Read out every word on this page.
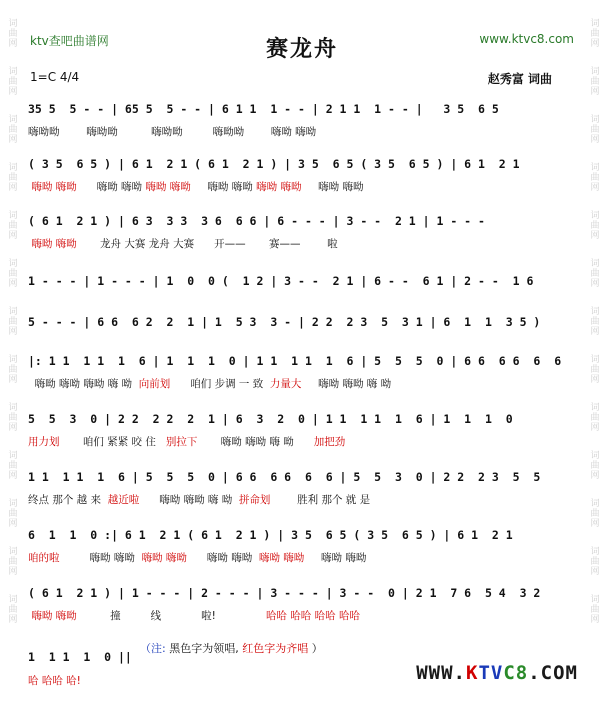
词曲网
词曲网
词曲网
词曲网
词曲网
词曲网
词曲网
词曲网
词曲网
词曲网
词曲网
词曲网
词曲网
词曲网
词曲网
词曲网
词曲网
词曲网
词曲网
词曲网
词曲网
词曲网
词曲网
词曲网
词曲网
词曲网
ktv查吧曲谱网	赛龙舟	www.ktvc8.com
1=C 4/4	赵秀富 词曲
35 5  5 - - | 65 5  5 - - | 6 1 1  1 - - | 2 1 1  1 - - |   3 5  6 5
嗨呦呦 嗨呦呦 嗨呦呦 嗨呦呦 嗨呦 嗨呦
( 3 5  6 5 ) | 6 1  2 1 ( 6 1  2 1 ) | 3 5  6 5 ( 3 5  6 5 ) | 6 1  2 1
嗨呦 嗨呦 嗨呦 嗨呦 嗨呦 嗨呦 嗨呦 嗨呦 嗨呦 嗨呦 嗨呦 嗨呦
( 6 1  2 1 ) | 6 3  3 3  3 6  6 6 | 6 - - - | 3 - -  2 1 | 1 - - -
嗨呦 嗨呦 龙舟 大赛 龙舟 大赛      开——       赛——        啦
1 - - - | 1 - - - | 1  0  0 (  1 2 | 3 - -  2 1 | 6 - -  6 1 | 2 - -  1 6
5 - - - | 6 6  6 2  2  1 | 1  5 3  3 - | 2 2  2 3  5  3 1 | 6  1  1  3 5 )
|: 1 1  1 1  1  6 | 1  1  1  0 | 1 1  1 1  1  6 | 5  5  5  0 | 6 6  6 6  6  6
嗨呦 嗨呦 嗨呦 嗨 呦 向前划 咱们 步调 一 致 力量大 嗨呦 嗨呦 嗨 呦
5  5  3  0 | 2 2  2 2  2  1 | 6  3  2  0 | 1 1  1 1  1  6 | 1  1  1  0
用力划 咱们 紧紧 咬 住 别拉下 嗨呦 嗨呦 嗨 呦 加把劲
1 1  1 1  1  6 | 5  5  5  0 | 6 6  6 6  6  6 | 5  5  3  0 | 2 2  2 3  5  5
终点 那个 越 来 越近啦 嗨呦 嗨呦 嗨 呦 拼命划 胜利 那个 就 是
6  1  1  0 :| 6 1  2 1 ( 6 1  2 1 ) | 3 5  6 5 ( 3 5  6 5 ) | 6 1  2 1
咱的啦 嗨呦 嗨呦 嗨呦 嗨呦 嗨呦 嗨呦 嗨呦 嗨呦 嗨呦 嗨呦
( 6 1  2 1 ) | 1 - - - | 2 - - - | 3 - - - | 3 - -  0 | 2 1  7 6  5 4  3 2
嗨呦 嗨呦 撞         线            啦! 哈哈 哈哈 哈哈 哈哈
1  1 1  1  0 ||
哈 哈哈 哈!
（注: 黑色字为领唱, 红色字为齐唱 ）
WWW.KTVC8.COM
